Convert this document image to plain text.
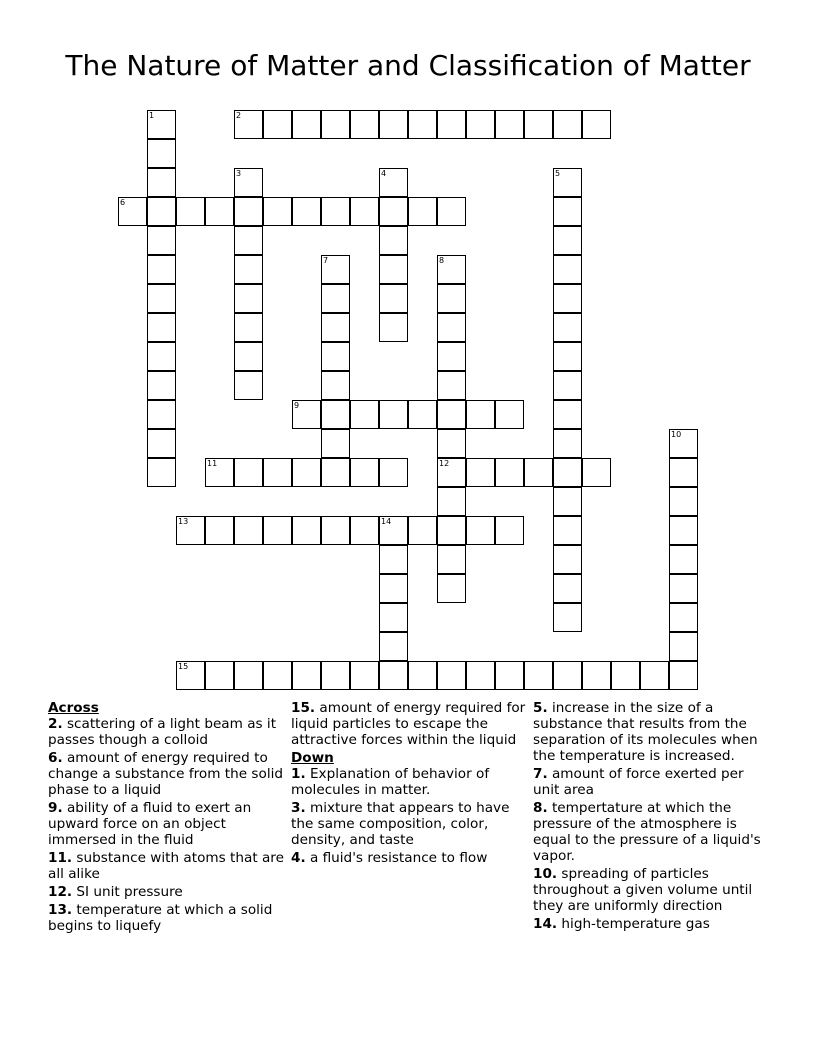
The Nature of Matter and Classification of Matter
1	2
3	4	5
6
7	8
12
9
10
11
13	14
15
Across
2. scattering of a light beam as it passes though a colloid
6. amount of energy required to change a substance from the solid phase to a liquid
9. ability of a fluid to exert an upward force on an object immersed in the fluid
11. substance with atoms that are all alike
12. SI unit pressure
13. temperature at which a solid begins to liquefy
15. amount of energy required for liquid particles to escape the attractive forces within the liquid
Down
1. Explanation of behavior of molecules in matter.
3. mixture that appears to have the same composition, color, density, and taste
4. a fluid's resistance to flow
5. increase in the size of a substance that results from the separation of its molecules when the temperature is increased.
7. amount of force exerted per unit area
8. tempertature at which the pressure of the atmosphere is equal to the pressure of a liquid's vapor.
10. spreading of particles throughout a given volume until they are uniformly direction
14. high-temperature gas
